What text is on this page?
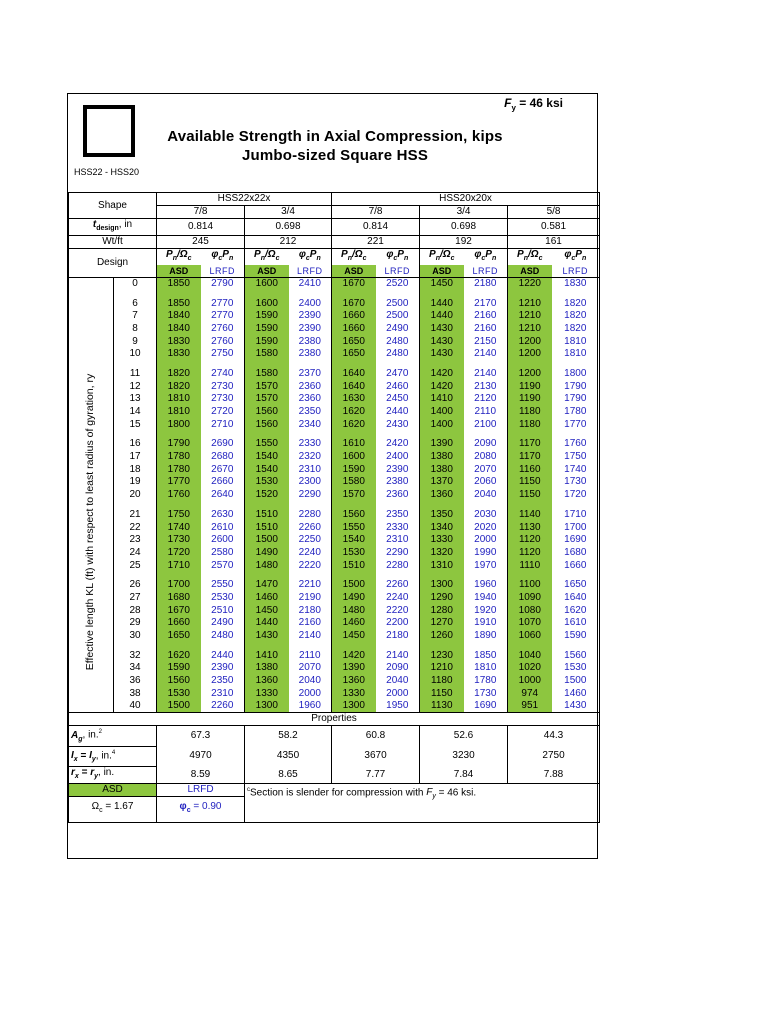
$F_y = 46$ ksi
HSS22 - HSS20
Available Strength in Axial Compression, kips
Jumbo-sized Square HSS
Effective length KL (ft) with respect to least radius of gyration, ry
Shape		HSS22x22x				HSS20x20x					
		7/8		3/4		7/8		3/4		5/8	
$t_{design}$, in		0.814		0.698		0.814		0.698		0.581	
Wt/ft		245		212		221		192		161	
Design		$P_n/\Omega_c$	$\varphi_cP_n$	$P_n/\Omega_c$	$\varphi_cP_n$	$P_n/\Omega_c$	$\varphi_cP_n$	$P_n/\Omega_c$	$\varphi_cP_n$	$P_n/\Omega_c$	$\varphi_cP_n$
		ASD	LRFD	ASD	LRFD	ASD	LRFD	ASD	LRFD	ASD	LRFD
	0	1850	2790	1600	2410	1670	2520	1450	2180	1220	1830

	6	1850	2770	1600	2400	1670	2500	1440	2170	1210	1820
	7	1840	2770	1590	2390	1660	2500	1440	2160	1210	1820
	8	1840	2760	1590	2390	1660	2490	1430	2160	1210	1820
	9	1830	2760	1590	2380	1650	2480	1430	2150	1200	1810
	10	1830	2750	1580	2380	1650	2480	1430	2140	1200	1810

	11	1820	2740	1580	2370	1640	2470	1420	2140	1200	1800
	12	1820	2730	1570	2360	1640	2460	1420	2130	1190	1790
	13	1810	2730	1570	2360	1630	2450	1410	2120	1190	1790
	14	1810	2720	1560	2350	1620	2440	1400	2110	1180	1780
	15	1800	2710	1560	2340	1620	2430	1400	2100	1180	1770

	16	1790	2690	1550	2330	1610	2420	1390	2090	1170	1760
	17	1780	2680	1540	2320	1600	2400	1380	2080	1170	1750
	18	1780	2670	1540	2310	1590	2390	1380	2070	1160	1740
	19	1770	2660	1530	2300	1580	2380	1370	2060	1150	1730
	20	1760	2640	1520	2290	1570	2360	1360	2040	1150	1720

	21	1750	2630	1510	2280	1560	2350	1350	2030	1140	1710
	22	1740	2610	1510	2260	1550	2330	1340	2020	1130	1700
	23	1730	2600	1500	2250	1540	2310	1330	2000	1120	1690
	24	1720	2580	1490	2240	1530	2290	1320	1990	1120	1680
	25	1710	2570	1480	2220	1510	2280	1310	1970	1110	1660

	26	1700	2550	1470	2210	1500	2260	1300	1960	1100	1650
	27	1680	2530	1460	2190	1490	2240	1290	1940	1090	1640
	28	1670	2510	1450	2180	1480	2220	1280	1920	1080	1620
	29	1660	2490	1440	2160	1460	2200	1270	1910	1070	1610
	30	1650	2480	1430	2140	1450	2180	1260	1890	1060	1590

	32	1620	2440	1410	2110	1420	2140	1230	1850	1040	1560
	34	1590	2390	1380	2070	1390	2090	1210	1810	1020	1530
	36	1560	2350	1360	2040	1360	2040	1180	1780	1000	1500
	38	1530	2310	1330	2000	1330	2000	1150	1730	974	1460
	40	1500	2260	1300	1960	1300	1950	1130	1690	951	1430
Properties											
$A_g$, in.$^2$		67.3		58.2		60.8		52.6		44.3	
$I_x = I_y$, in.$^4$		4970		4350		3670		3230		2750	
$r_x = r_y$, in.		8.59		8.65		7.77		7.84		7.88	
ASD		LRFD		$^c$Section is slender for compression with $F_y = 46$ ksi.							
$\Omega_c = 1.67$		$\varphi_c = 0.90$									
